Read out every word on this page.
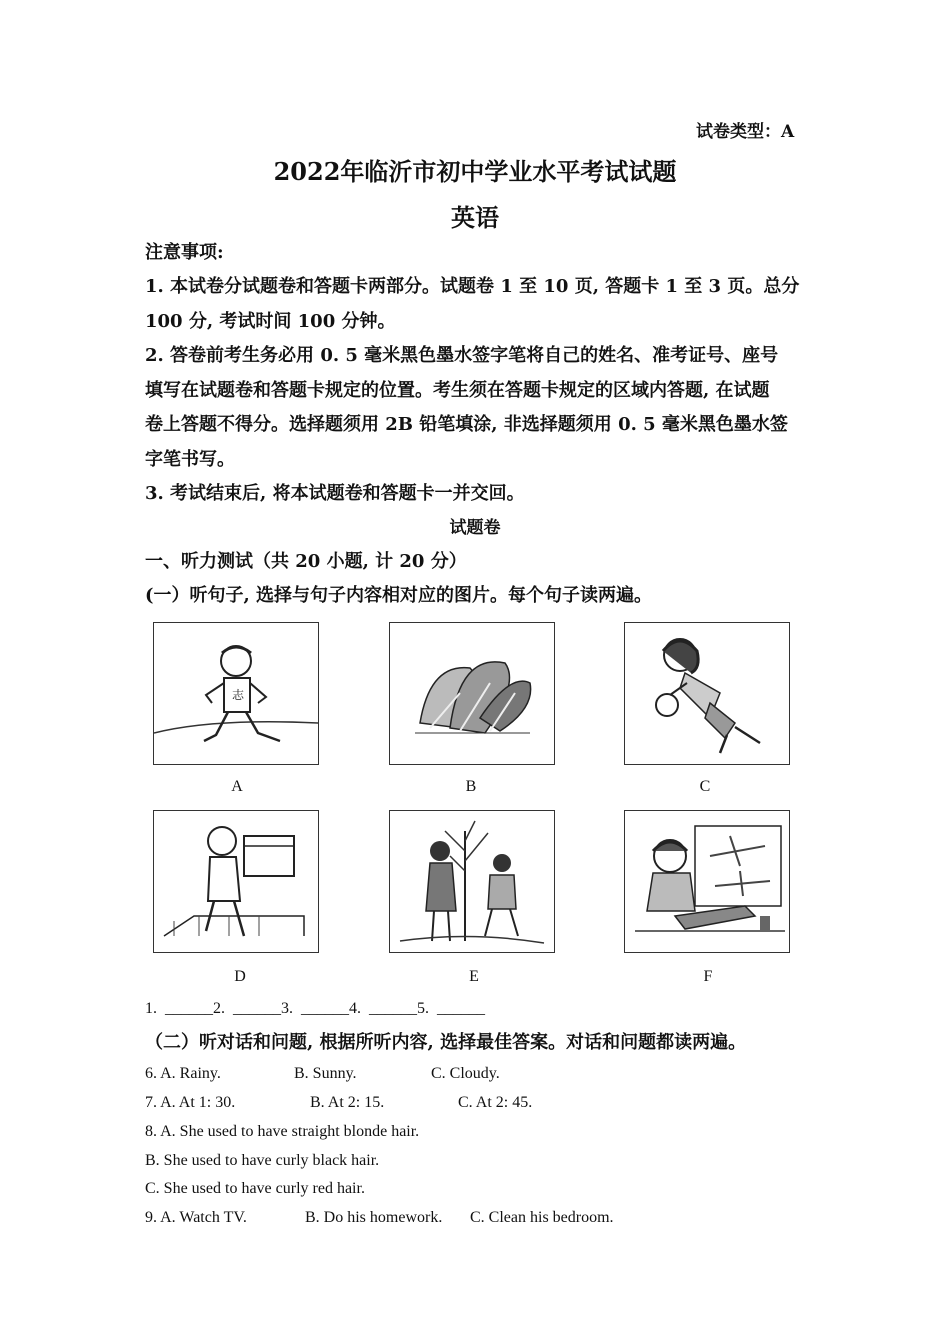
试卷类型：A
2022年临沂市初中学业水平考试试题
英语
注意事项:
1. 本试卷分试题卷和答题卡两部分。试题卷 1 至 10 页, 答题卡 1 至 3 页。总分
100 分, 考试时间 100 分钟。
2. 答卷前考生务必用 0. 5 毫米黑色墨水签字笔将自己的姓名、准考证号、座号
填写在试题卷和答题卡规定的位置。考生须在答题卡规定的区域内答题, 在试题
卷上答题不得分。选择题须用 2B 铅笔填涂, 非选择题须用 0. 5 毫米黑色墨水签
字笔书写。
3. 考试结束后, 将本试题卷和答题卡一并交回。
试题卷
一、听力测试（共 20 小题, 计 20 分）
(一）听句子, 选择与句子内容相对应的图片。每个句子读两遍。
志
A	B	C
D	E	F
1.  ______2.  ______3.  ______4.  ______5.  ______
（二）听对话和问题, 根据所听内容, 选择最佳答案。对话和问题都读两遍。
6. A. Rainy.	B. Sunny.	C. Cloudy.
7. A. At 1: 30.	B. At 2: 15.	C. At 2: 45.
8. A. She used to have straight blonde hair.
B. She used to have curly black hair.
C. She used to have curly red hair.
9. A. Watch TV.	B. Do his homework. C. Clean his bedroom.
